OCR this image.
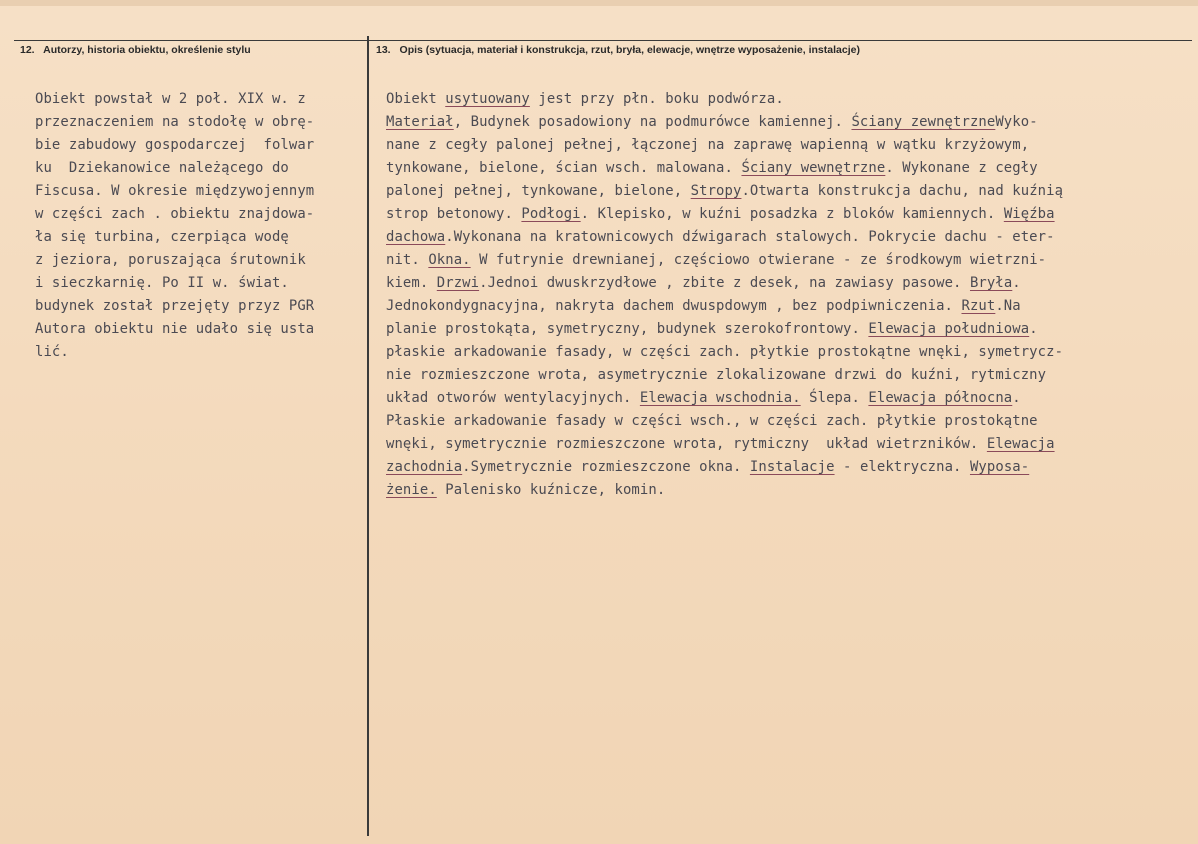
12. Autorzy, historia obiektu, określenie stylu	13. Opis (sytuacja, materiał i konstrukcja, rzut, bryła, elewacje, wnętrze wyposażenie, instalacje)
Obiekt powstał w 2 poł. XIX w. z
przeznaczeniem na stodołę w obrę-
bie zabudowy gospodarczej  folwar
ku  Dziekanowice należącego do
Fiscusa. W okresie międzywojennym
w części zach . obiektu znajdowa-
ła się turbina, czerpiąca wodę
z jeziora, poruszająca śrutownik
i sieczkarnię. Po II w. świat.
budynek został przejęty przyz PGR
Autora obiektu nie udało się usta
lić.
Obiekt usytuowany jest przy płn. boku podwórza.
Materiał, Budynek posadowiony na podmurówce kamiennej. Ściany zewnętrzneWyko-
nane z cegły palonej pełnej, łączonej na zaprawę wapienną w wątku krzyżowym,
tynkowane, bielone, ścian wsch. malowana. Ściany wewnętrzne. Wykonane z cegły
palonej pełnej, tynkowane, bielone, Stropy.Otwarta konstrukcja dachu, nad kuźnią
strop betonowy. Podłogi. Klepisko, w kuźni posadzka z bloków kamiennych. Więźba
dachowa.Wykonana na kratownicowych dźwigarach stalowych. Pokrycie dachu - eter-
nit. Okna. W futrynie drewnianej, częściowo otwierane - ze środkowym wietrzni-
kiem. Drzwi.Jednoi dwuskrzydłowe , zbite z desek, na zawiasy pasowe. Bryła.
Jednokondygnacyjna, nakryta dachem dwuspdowym , bez podpiwniczenia. Rzut.Na
planie prostokąta, symetryczny, budynek szerokofrontowy. Elewacja południowa.
płaskie arkadowanie fasady, w części zach. płytkie prostokątne wnęki, symetrycz-
nie rozmieszczone wrota, asymetrycznie zlokalizowane drzwi do kuźni, rytmiczny
układ otworów wentylacyjnych. Elewacja wschodnia. Ślepa. Elewacja północna.
Płaskie arkadowanie fasady w części wsch., w części zach. płytkie prostokątne
wnęki, symetrycznie rozmieszczone wrota, rytmiczny  układ wietrzników. Elewacja
zachodnia.Symetrycznie rozmieszczone okna. Instalacje - elektryczna. Wyposa-
żenie. Palenisko kuźnicze, komin.
